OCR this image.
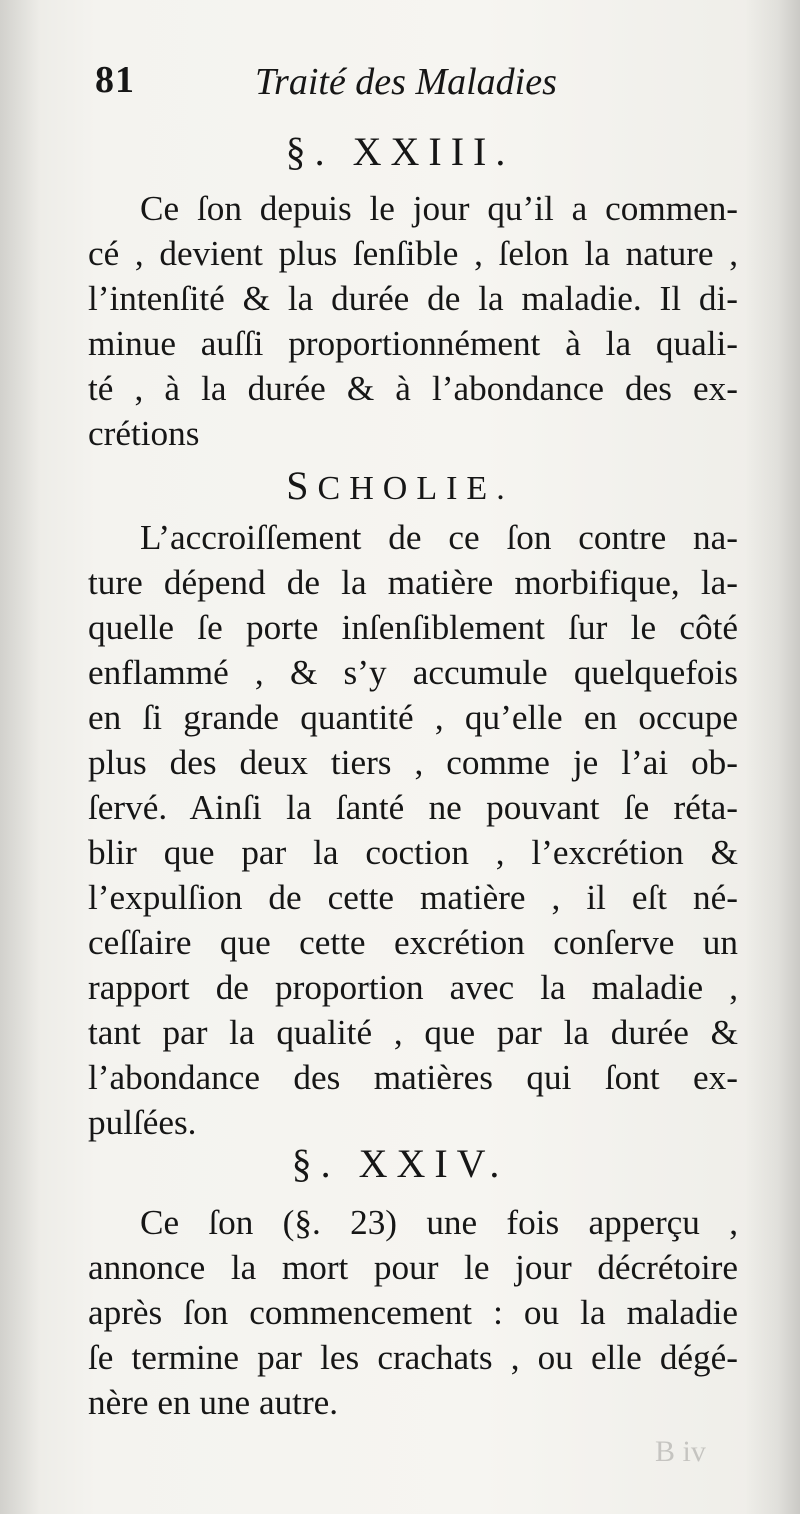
81	Traité des Maladies
§. XXIII.
Ce ſon depuis le jour qu’il a commen-
cé , devient plus ſenſible , ſelon la nature ,
l’intenſité & la durée de la maladie. Il di-
minue auſſi proportionnément à la quali-
té , à la durée & à l’abondance des ex-
crétions
SCHOLIE.
L’accroiſſement de ce ſon contre na-
ture dépend de la matière morbifique, la-
quelle ſe porte inſenſiblement ſur le côté
enflammé , & s’y accumule quelquefois
en ſi grande quantité , qu’elle en occupe
plus des deux tiers , comme je l’ai ob-
ſervé. Ainſi la ſanté ne pouvant ſe réta-
blir que par la coction , l’excrétion &
l’expulſion de cette matière , il eſt né-
ceſſaire que cette excrétion conſerve un
rapport de proportion avec la maladie ,
tant par la qualité , que par la durée &
l’abondance des matières qui ſont ex-
pulſées.
§. XXIV.
Ce ſon (§. 23) une fois apperçu ,
annonce la mort pour le jour décrétoire
après ſon commencement : ou la maladie
ſe termine par les crachats , ou elle dégé-
nère en une autre.
B iv
